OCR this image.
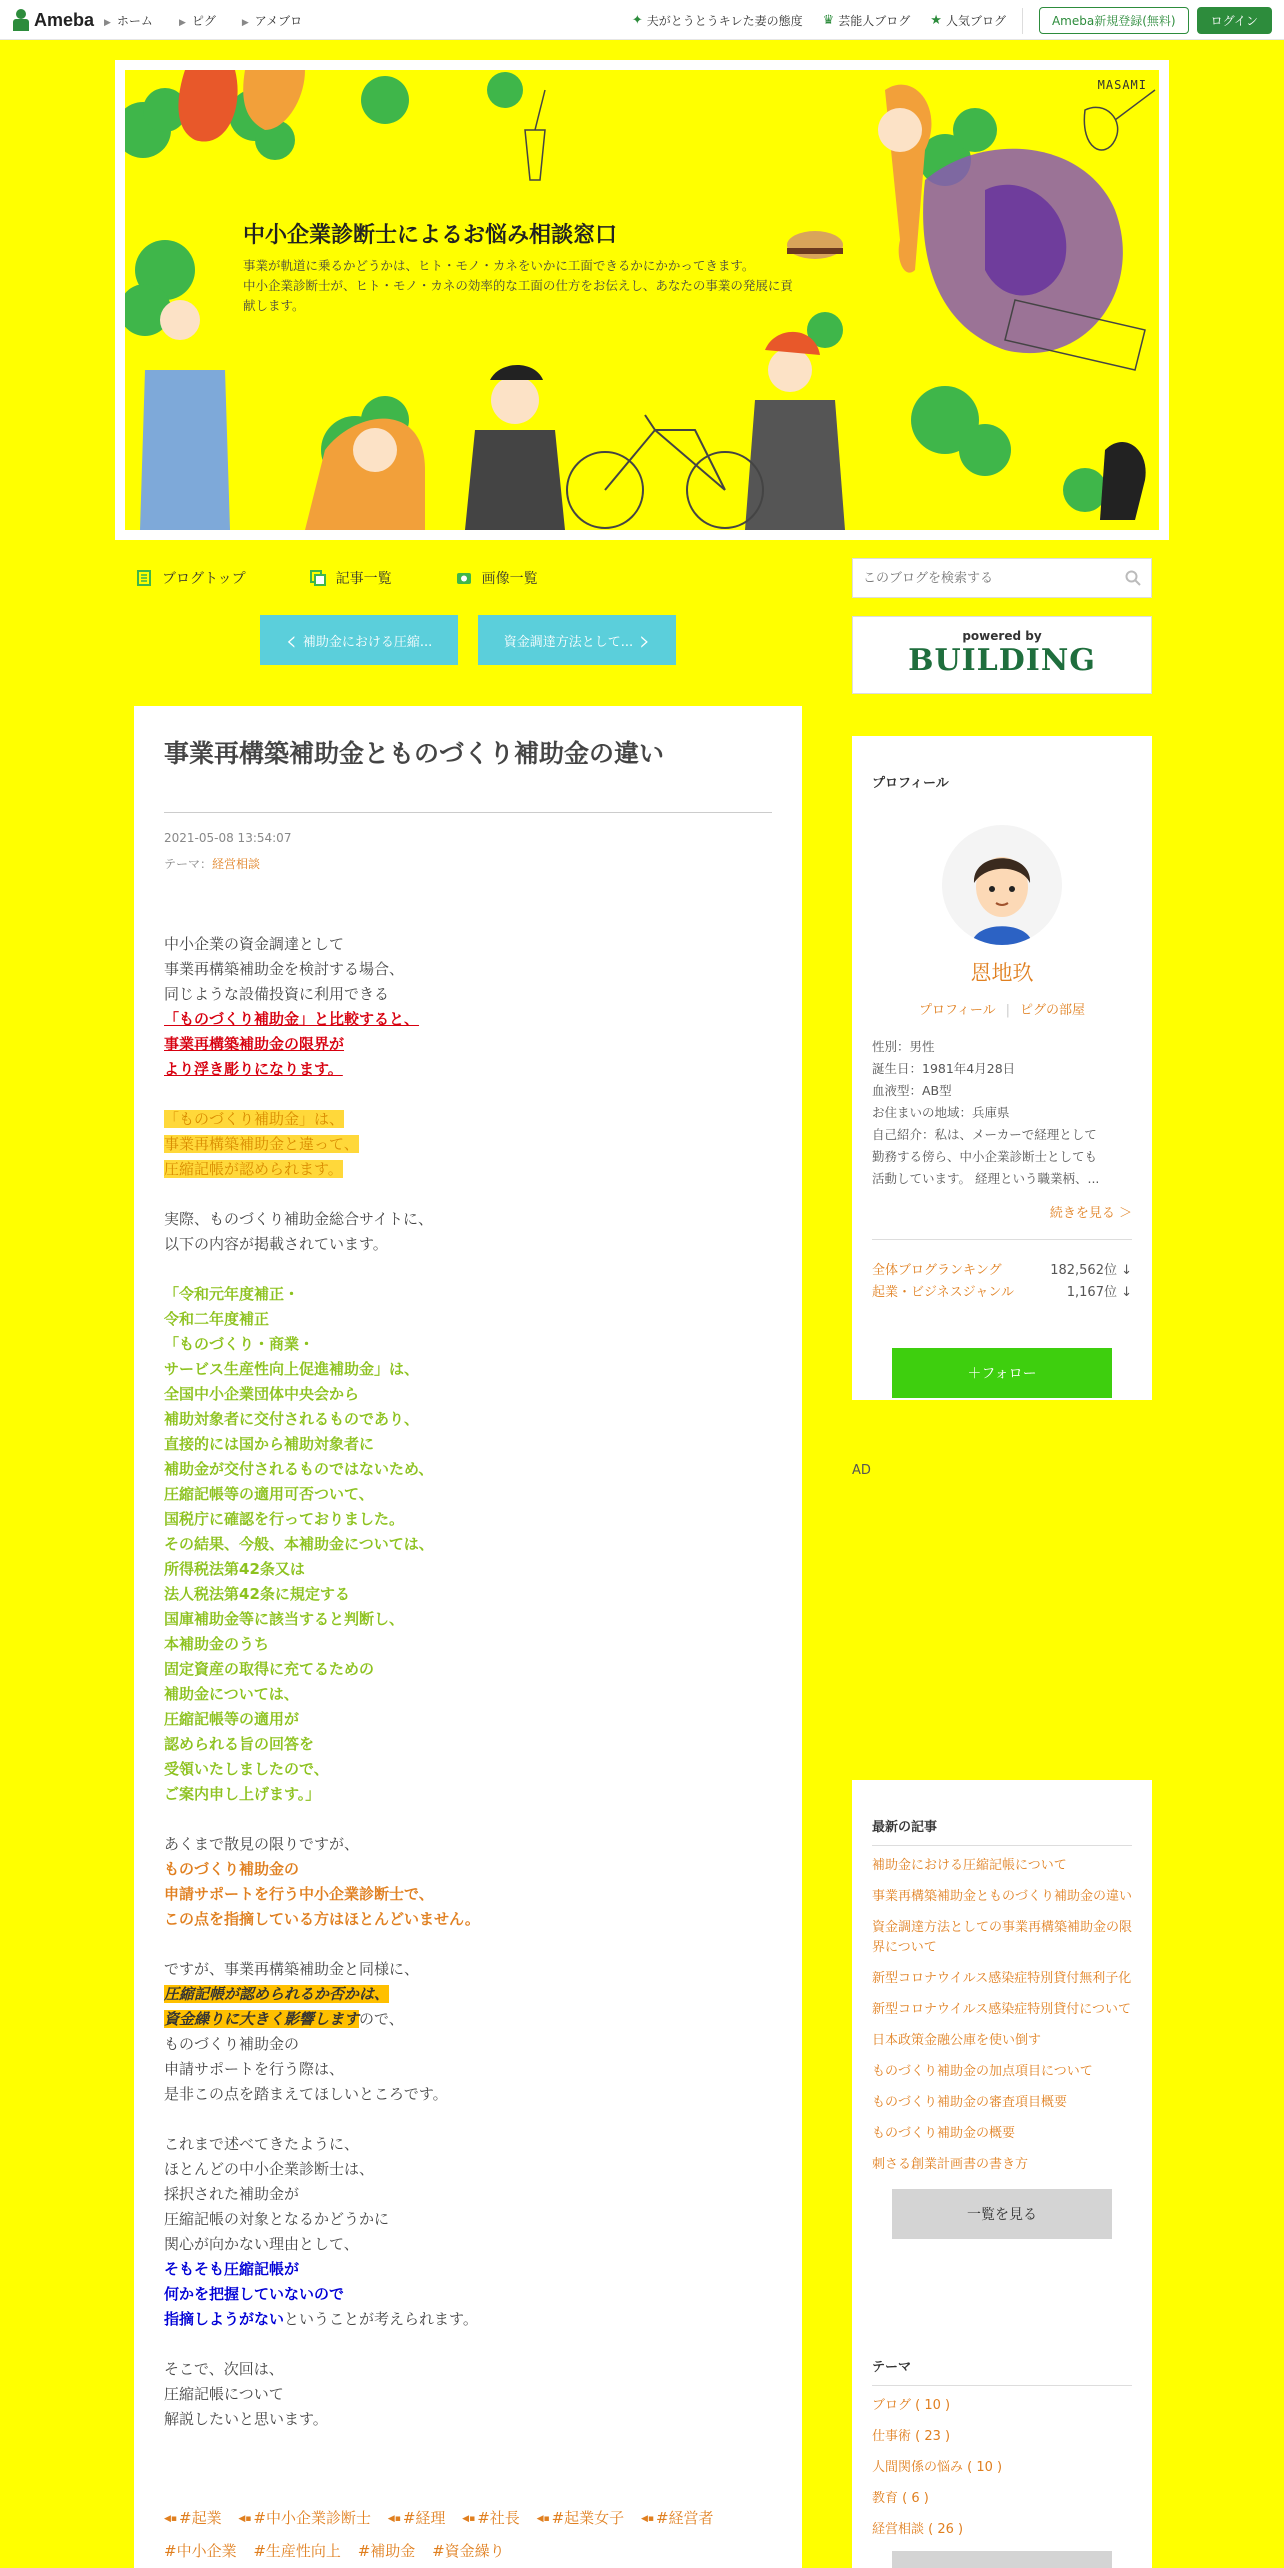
Ameba ▶ ホーム	▶ ピグ	▶ アメブロ	✦ 夫がとうとうキレた妻の態度 ♛ 芸能人ブログ ★ 人気ブログ	Ameba新規登録(無料)	ログイン
MASAMI
中小企業診断士によるお悩み相談窓口

事業が軌道に乗るかどうかは、ヒト・モノ・カネをいかに工面できるかにかかってきます。

中小企業診断士が、ヒト・モノ・カネの効率的な工面の仕方をお伝えし、あなたの事業の発展に貢献します。

ブログトップ	記事一覧	画像一覧
このブログを検索する
‹ 補助金における圧縮...	資金調達方法として... ›	powered by
BUILDING
事業再構築補助金とものづくり補助金の違い
2021-05-08 13:54:07
テーマ：経営相談
中小企業の資金調達として
事業再構築補助金を検討する場合、
同じような設備投資に利用できる
「ものづくり補助金」と比較すると、
事業再構築補助金の限界が
より浮き彫りになります。
「ものづくり補助金」は、
事業再構築補助金と違って、
圧縮記帳が認められます。
実際、ものづくり補助金総合サイトに、
以下の内容が掲載されています。
「令和元年度補正・
令和二年度補正
「ものづくり・商業・
サービス生産性向上促進補助金」は、
全国中小企業団体中央会から
補助対象者に交付されるものであり、
直接的には国から補助対象者に
補助金が交付されるものではないため、
圧縮記帳等の適用可否ついて、
国税庁に確認を行っておりました。
その結果、今般、本補助金については、
所得税法第42条又は
法人税法第42条に規定する
国庫補助金等に該当すると判断し、
本補助金のうち
固定資産の取得に充てるための
補助金については、
圧縮記帳等の適用が
認められる旨の回答を
受領いたしましたので、
ご案内申し上げます。」
あくまで散見の限りですが、
ものづくり補助金の
申請サポートを行う中小企業診断士で、
この点を指摘している方はほとんどいません。
ですが、事業再構築補助金と同様に、
圧縮記帳が認められるか否かは、
資金繰りに大きく影響しますので、
ものづくり補助金の
申請サポートを行う際は、
是非この点を踏まえてほしいところです。
これまで述べてきたように、
ほとんどの中小企業診断士は、
採択された補助金が
圧縮記帳の対象となるかどうかに
関心が向かない理由として、
そもそも圧縮記帳が
何かを把握していないので
指摘しようがないということが考えられます。
そこで、次回は、
圧縮記帳について
解説したいと思います。
◀▪ #起業 ◀▪ #中小企業診断士 ◀▪ #経理 ◀▪ #社長 ◀▪ #起業女子 ◀▪ #経営者 #中小企業 #生産性向上 #補助金 #資金繰り
プロフィール
恩地玖
プロフィール | ピグの部屋
性別：男性
誕生日：1981年4月28日
血液型：AB型
お住まいの地域：兵庫県
自己紹介：私は、メーカーで経理として
勤務する傍ら、中小企業診断士としても
活動しています。 経理という職業柄、...
続きを見る ＞
全体ブログランキング	182,562位 ↓
起業・ビジネスジャンル	1,167位 ↓
＋フォロー
AD
最新の記事
補助金における圧縮記帳について
事業再構築補助金とものづくり補助金の違い
資金調達方法としての事業再構築補助金の限界について
新型コロナウイルス感染症特別貸付無利子化
新型コロナウイルス感染症特別貸付について
日本政策金融公庫を使い倒す
ものづくり補助金の加点項目について
ものづくり補助金の審査項目概要
ものづくり補助金の概要
刺さる創業計画書の書き方
一覧を見る
テーマ
ブログ ( 10 )
仕事術 ( 23 )
人間関係の悩み ( 10 )
教育 ( 6 )
経営相談 ( 26 )
